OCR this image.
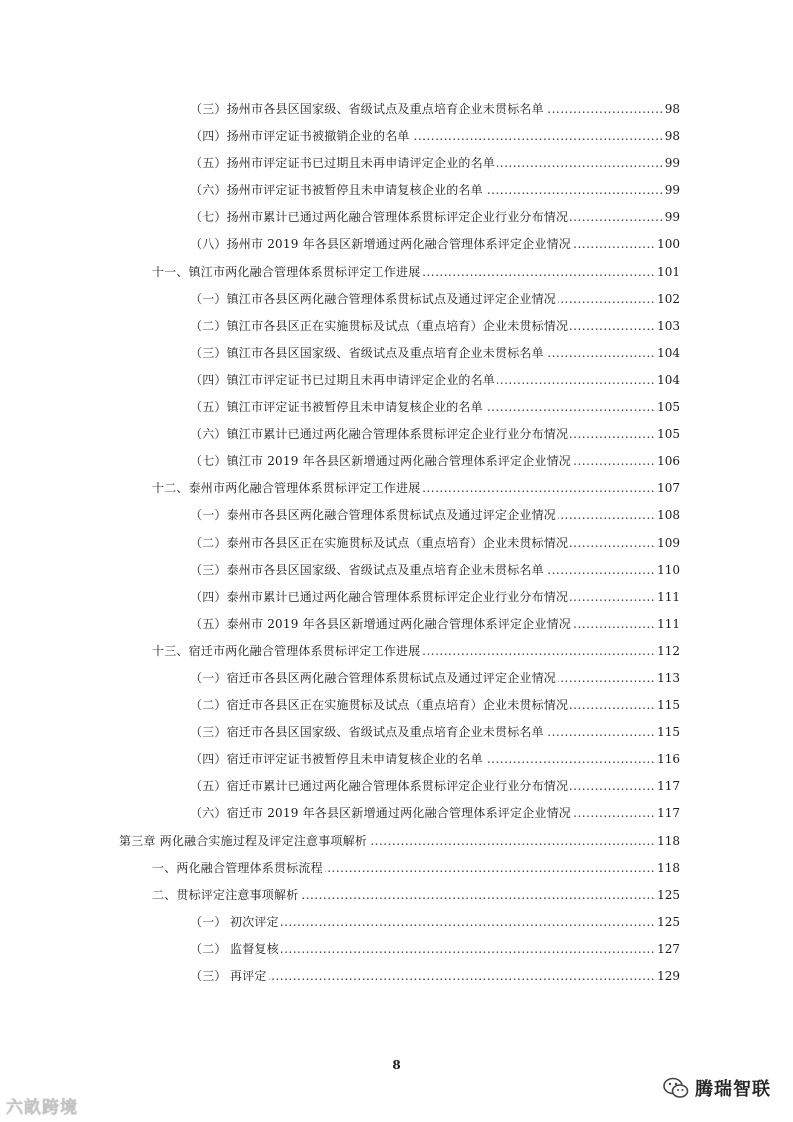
.....
（三）扬州市各县区国家级、省级试点及重点培育企业未贯标名单	98
.....
（四）扬州市评定证书被撤销企业的名单	98
.....
（五）扬州市评定证书已过期且未再申请评定企业的名单	99
.....
（六）扬州市评定证书被暂停且未申请复核企业的名单	99
.....
（七）扬州市累计已通过两化融合管理体系贯标评定企业行业分布情况	99
.....
（八）扬州市 2019 年各县区新增通过两化融合管理体系评定企业情况	100
.....
十一、镇江市两化融合管理体系贯标评定工作进展	101
.....
（一）镇江市各县区两化融合管理体系贯标试点及通过评定企业情况	102
.....
（二）镇江市各县区正在实施贯标及试点（重点培育）企业未贯标情况	103
.....
（三）镇江市各县区国家级、省级试点及重点培育企业未贯标名单	104
.....
（四）镇江市评定证书已过期且未再申请评定企业的名单	104
.....
（五）镇江市评定证书被暂停且未申请复核企业的名单	105
.....
（六）镇江市累计已通过两化融合管理体系贯标评定企业行业分布情况	105
.....
（七）镇江市 2019 年各县区新增通过两化融合管理体系评定企业情况	106
.....
十二、泰州市两化融合管理体系贯标评定工作进展	107
.....
（一）泰州市各县区两化融合管理体系贯标试点及通过评定企业情况	108
.....
（二）泰州市各县区正在实施贯标及试点（重点培育）企业未贯标情况	109
.....
（三）泰州市各县区国家级、省级试点及重点培育企业未贯标名单	110
.....
（四）泰州市累计已通过两化融合管理体系贯标评定企业行业分布情况	111
.....
（五）泰州市 2019 年各县区新增通过两化融合管理体系评定企业情况	111
.....
十三、宿迁市两化融合管理体系贯标评定工作进展	112
.....
（一）宿迁市各县区两化融合管理体系贯标试点及通过评定企业情况	113
.....
（二）宿迁市各县区正在实施贯标及试点（重点培育）企业未贯标情况	115
.....
（三）宿迁市各县区国家级、省级试点及重点培育企业未贯标名单	115
.....
（四）宿迁市评定证书被暂停且未申请复核企业的名单	116
.....
（五）宿迁市累计已通过两化融合管理体系贯标评定企业行业分布情况	117
.....
（六）宿迁市 2019 年各县区新增通过两化融合管理体系评定企业情况	117
.....
第三章 两化融合实施过程及评定注意事项解析	118
.....
一、两化融合管理体系贯标流程	118
.....
二、贯标评定注意事项解析	125
.....
（一） 初次评定	125
.....
（二） 监督复核	127
.....
（三） 再评定	129
8
六畝跨境
腾瑞智联
